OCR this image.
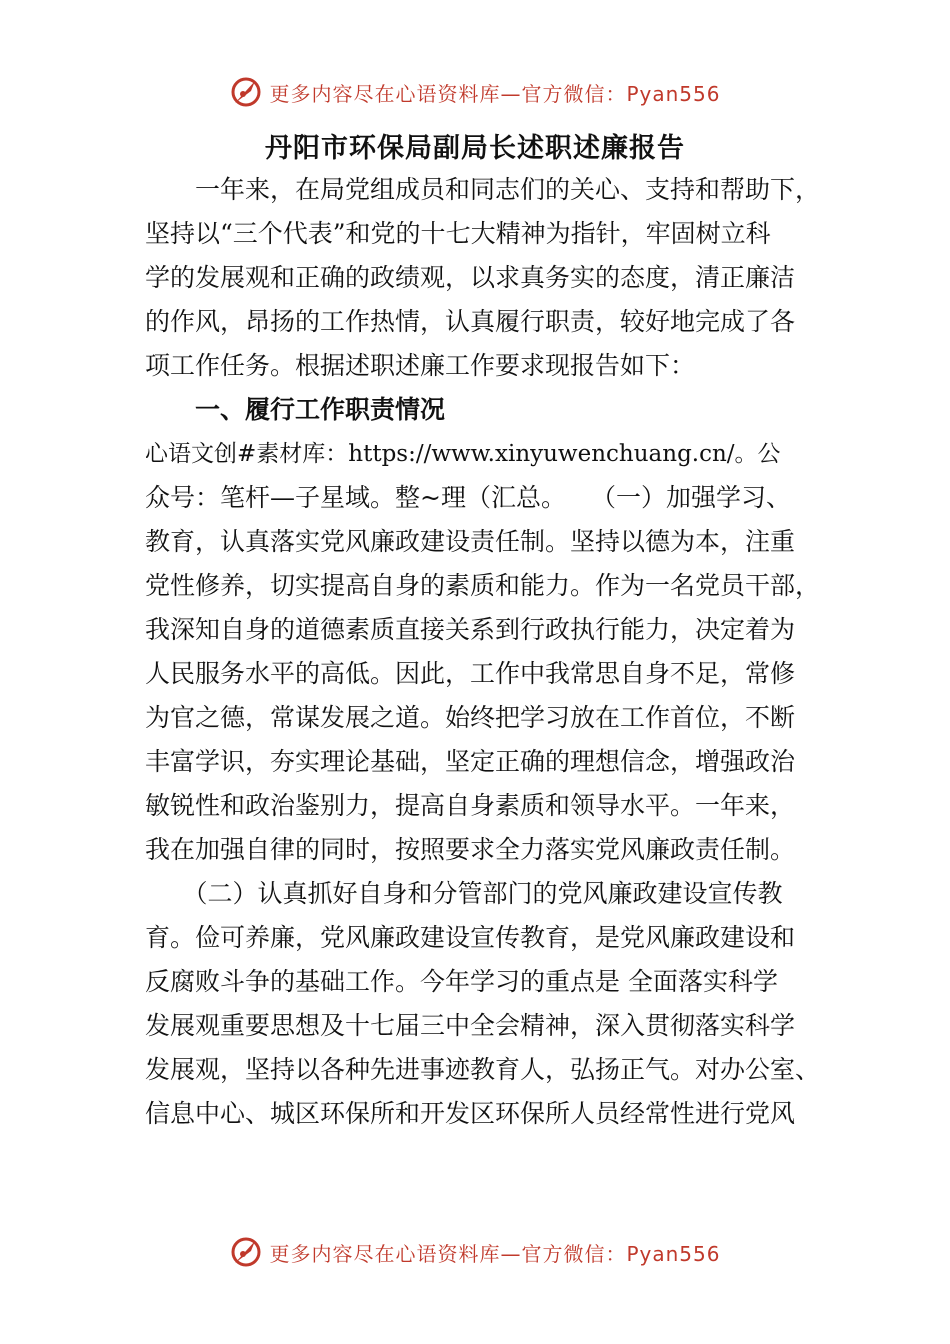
更多内容尽在心语资料库—官方微信：Pyan556
丹阳市环保局副局长述职述廉报告

　　一年来，在局党组成员和同志们的关心、支持和帮助下，

坚持以“三个代表”和党的十七大精神为指针，牢固树立科

学的发展观和正确的政绩观，以求真务实的态度，清正廉洁

的作风，昂扬的工作热情，认真履行职责，较好地完成了各

项工作任务。根据述职述廉工作要求现报告如下：

　　一、履行工作职责情况

心语文创#素材库：https://www.xinyuwenchuang.cn/。公

众号：笔杆—子星域。整~理（汇总。　　（一）加强学习、

教育，认真落实党风廉政建设责任制。坚持以德为本，注重

党性修养，切实提高自身的素质和能力。作为一名党员干部，

我深知自身的道德素质直接关系到行政执行能力，决定着为

人民服务水平的高低。因此，工作中我常思自身不足，常修

为官之德，常谋发展之道。始终把学习放在工作首位，不断

丰富学识，夯实理论基础，坚定正确的理想信念，增强政治

敏锐性和政治鉴别力，提高自身素质和领导水平。一年来，

我在加强自律的同时，按照要求全力落实党风廉政责任制。

　　（二）认真抓好自身和分管部门的党风廉政建设宣传教

育。俭可养廉，党风廉政建设宣传教育，是党风廉政建设和

反腐败斗争的基础工作。今年学习的重点是 全面落实科学

发展观重要思想及十七届三中全会精神，深入贯彻落实科学

发展观，坚持以各种先进事迹教育人，弘扬正气。对办公室、

信息中心、城区环保所和开发区环保所人员经常性进行党风

更多内容尽在心语资料库—官方微信：Pyan556
